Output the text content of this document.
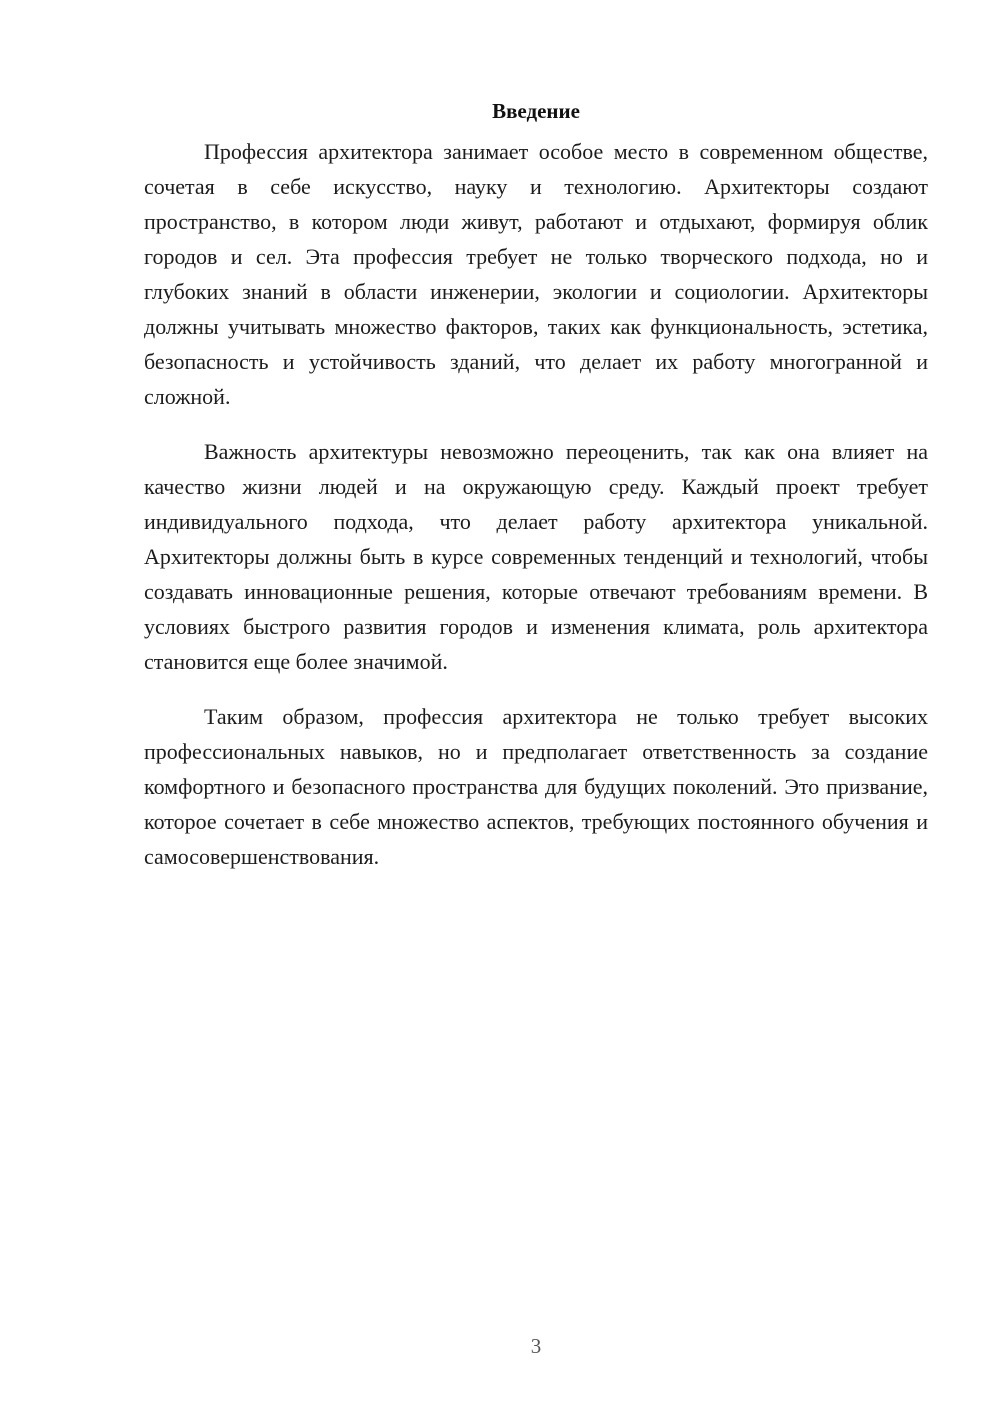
Введение

Профессия архитектора занимает особое место в современном обществе, сочетая в себе искусство, науку и технологию. Архитекторы создают пространство, в котором люди живут, работают и отдыхают, формируя облик городов и сел. Эта профессия требует не только творческого подхода, но и глубоких знаний в области инженерии, экологии и социологии. Архитекторы должны учитывать множество факторов, таких как функциональность, эстетика, безопасность и устойчивость зданий, что делает их работу многогранной и сложной.

Важность архитектуры невозможно переоценить, так как она влияет на качество жизни людей и на окружающую среду. Каждый проект требует индивидуального подхода, что делает работу архитектора уникальной. Архитекторы должны быть в курсе современных тенденций и технологий, чтобы создавать инновационные решения, которые отвечают требованиям времени. В условиях быстрого развития городов и изменения климата, роль архитектора становится еще более значимой.

Таким образом, профессия архитектора не только требует высоких профессиональных навыков, но и предполагает ответственность за создание комфортного и безопасного пространства для будущих поколений. Это призвание, которое сочетает в себе множество аспектов, требующих постоянного обучения и самосовершенствования.

3
